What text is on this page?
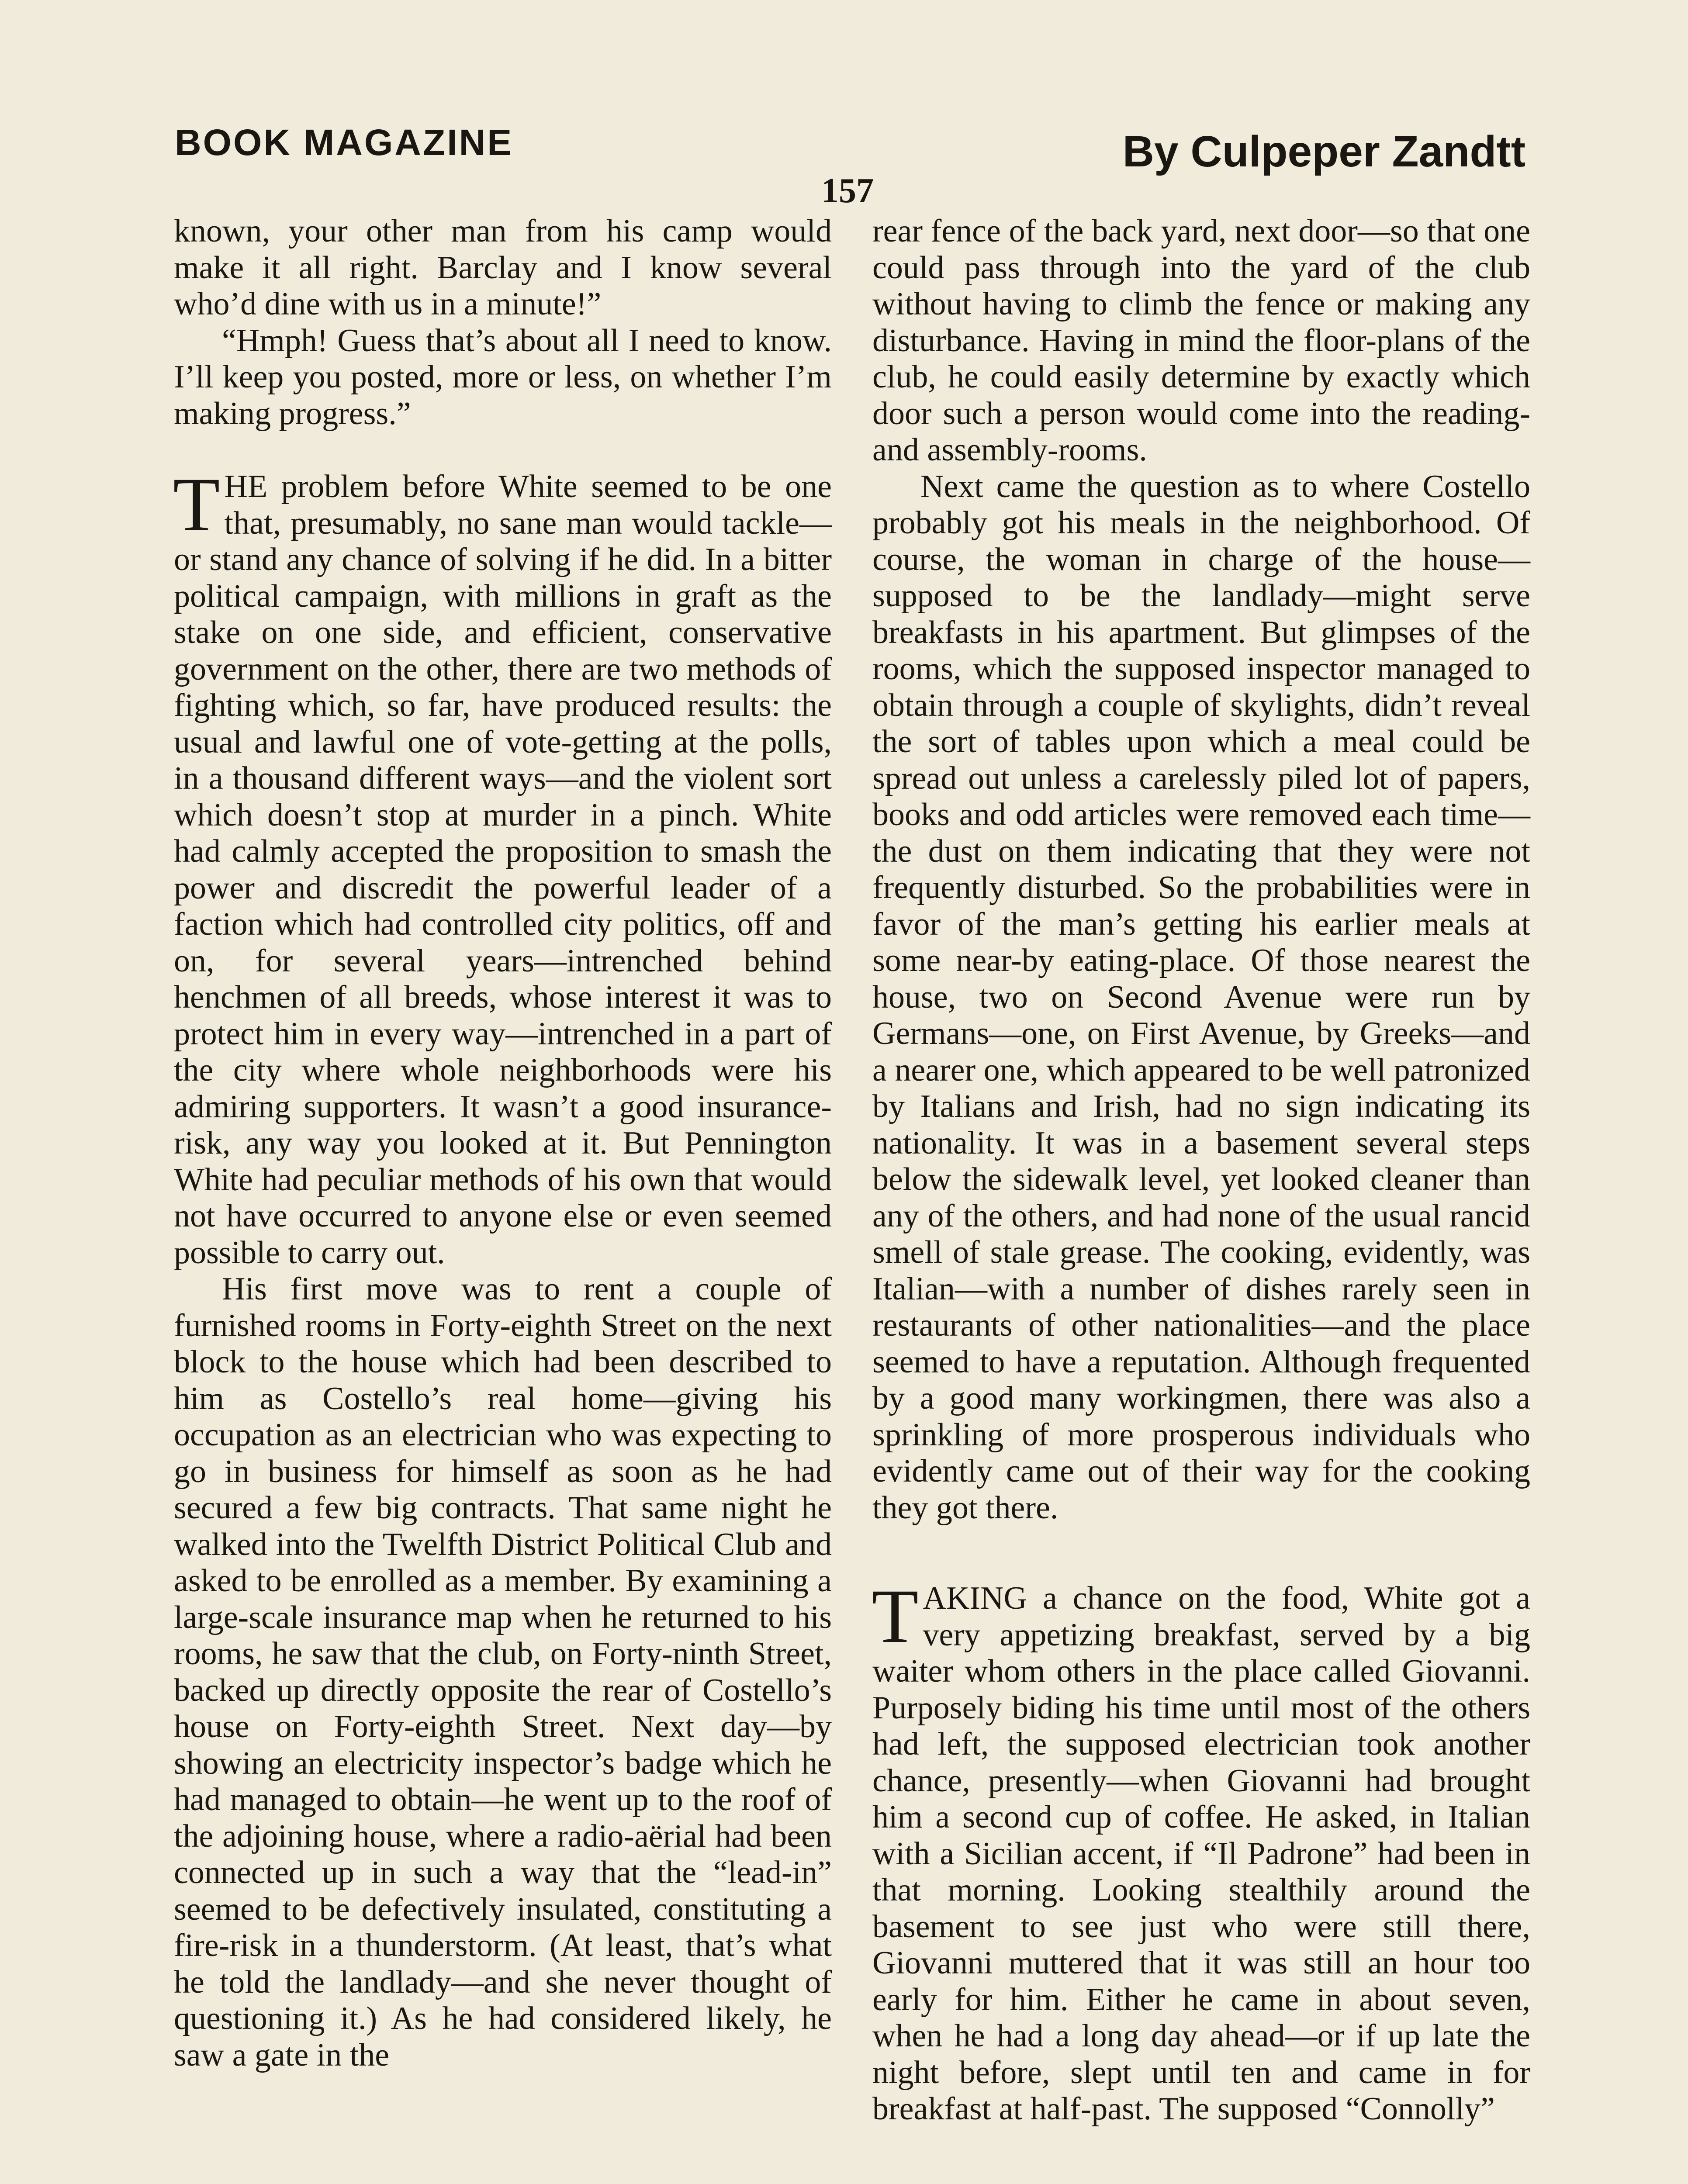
BOOK MAGAZINE	By Culpeper Zandtt
157

known, your other man from his camp would make it all right. Barclay and I know several who’d dine with us in a minute!”

“Hmph! Guess that’s about all I need to know. I’ll keep you posted, more or less, on whether I’m making progress.”

THE problem before White seemed to be one that, presumably, no sane man would tackle—or stand any chance of solving if he did. In a bitter political campaign, with millions in graft as the stake on one side, and efficient, conservative government on the other, there are two methods of fighting which, so far, have produced results: the usual and lawful one of vote-getting at the polls, in a thousand different ways—and the violent sort which doesn’t stop at murder in a pinch. White had calmly accepted the proposition to smash the power and discredit the powerful leader of a faction which had controlled city politics, off and on, for several years—intrenched behind henchmen of all breeds, whose interest it was to protect him in every way—intrenched in a part of the city where whole neighborhoods were his admiring supporters. It wasn’t a good insurance-risk, any way you looked at it. But Pennington White had peculiar methods of his own that would not have occurred to anyone else or even seemed possible to carry out.

His first move was to rent a couple of furnished rooms in Forty-eighth Street on the next block to the house which had been described to him as Costello’s real home—giving his occupation as an electrician who was expecting to go in business for himself as soon as he had secured a few big contracts. That same night he walked into the Twelfth District Political Club and asked to be enrolled as a member. By examining a large-scale insurance map when he returned to his rooms, he saw that the club, on Forty-ninth Street, backed up directly opposite the rear of Costello’s house on Forty-eighth Street. Next day—by showing an electricity inspector’s badge which he had managed to obtain—he went up to the roof of the adjoining house, where a radio-aërial had been connected up in such a way that the “lead-in” seemed to be defectively insulated, constituting a fire-risk in a thunderstorm. (At least, that’s what he told the landlady—and she never thought of questioning it.) As he had considered likely, he saw a gate in the

rear fence of the back yard, next door—so that one could pass through into the yard of the club without having to climb the fence or making any disturbance. Having in mind the floor-plans of the club, he could easily determine by exactly which door such a person would come into the reading- and assembly-rooms.

Next came the question as to where Costello probably got his meals in the neighborhood. Of course, the woman in charge of the house—supposed to be the landlady—might serve breakfasts in his apartment. But glimpses of the rooms, which the supposed inspector managed to obtain through a couple of skylights, didn’t reveal the sort of tables upon which a meal could be spread out unless a carelessly piled lot of papers, books and odd articles were removed each time—the dust on them indicating that they were not frequently disturbed. So the probabilities were in favor of the man’s getting his earlier meals at some near-by eating-place. Of those nearest the house, two on Second Avenue were run by Germans—one, on First Avenue, by Greeks—and a nearer one, which appeared to be well patronized by Italians and Irish, had no sign indicating its nationality. It was in a basement several steps below the sidewalk level, yet looked cleaner than any of the others, and had none of the usual rancid smell of stale grease. The cooking, evidently, was Italian—with a number of dishes rarely seen in restaurants of other nationalities—and the place seemed to have a reputation. Although frequented by a good many workingmen, there was also a sprinkling of more prosperous individuals who evidently came out of their way for the cooking they got there.

TAKING a chance on the food, White got a very appetizing breakfast, served by a big waiter whom others in the place called Giovanni. Purposely biding his time until most of the others had left, the supposed electrician took another chance, presently—when Giovanni had brought him a second cup of coffee. He asked, in Italian with a Sicilian accent, if “Il Padrone” had been in that morning. Looking stealthily around the basement to see just who were still there, Giovanni muttered that it was still an hour too early for him. Either he came in about seven, when he had a long day ahead—or if up late the night before, slept until ten and came in for breakfast at half-past. The supposed “Connolly”
